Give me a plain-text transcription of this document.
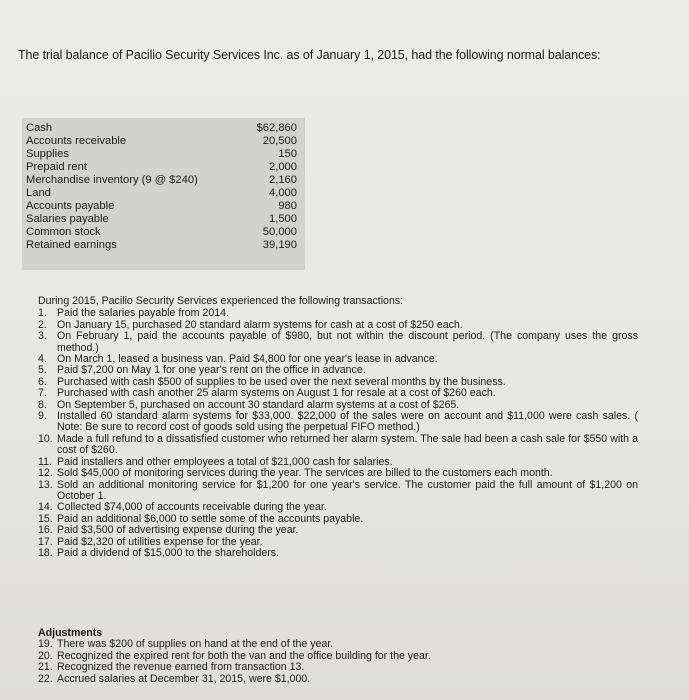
The trial balance of Pacilio Security Services Inc. as of January 1, 2015, had the following normal balances:
Cash	$62,860
Accounts receivable	20,500
Supplies	150
Prepaid rent	2,000
Merchandise inventory (9 @ $240)	2,160
Land	4,000
Accounts payable	980
Salaries payable	1,500
Common stock	50,000
Retained earnings	39,190
During 2015, Pacilio Security Services experienced the following transactions:
1. Paid the salaries payable from 2014.
2. On January 15, purchased 20 standard alarm systems for cash at a cost of $250 each.
3. On February 1, paid the accounts payable of $980, but not within the discount period. (The company uses the gross method.)
4. On March 1, leased a business van. Paid $4,800 for one year's lease in advance.
5. Paid $7,200 on May 1 for one year's rent on the office in advance.
6. Purchased with cash $500 of supplies to be used over the next several months by the business.
7. Purchased with cash another 25 alarm systems on August 1 for resale at a cost of $260 each.
8. On September 5, purchased on account 30 standard alarm systems at a cost of $265.
9. Installed 60 standard alarm systems for $33,000. $22,000 of the sales were on account and $11,000 were cash sales. ( Note: Be sure to record cost of goods sold using the perpetual FIFO method.)
10. Made a full refund to a dissatisfied customer who returned her alarm system. The sale had been a cash sale for $550 with a cost of $260.
11. Paid installers and other employees a total of $21,000 cash for salaries.
12. Sold $45,000 of monitoring services during the year. The services are billed to the customers each month.
13. Sold an additional monitoring service for $1,200 for one year's service. The customer paid the full amount of $1,200 on October 1.
14. Collected $74,000 of accounts receivable during the year.
15. Paid an additional $6,000 to settle some of the accounts payable.
16. Paid $3,500 of advertising expense during the year.
17. Paid $2,320 of utilities expense for the year.
18. Paid a dividend of $15,000 to the shareholders.
Adjustments
19. There was $200 of supplies on hand at the end of the year.
20. Recognized the expired rent for both the van and the office building for the year.
21. Recognized the revenue earned from transaction 13.
22. Accrued salaries at December 31, 2015, were $1,000.
